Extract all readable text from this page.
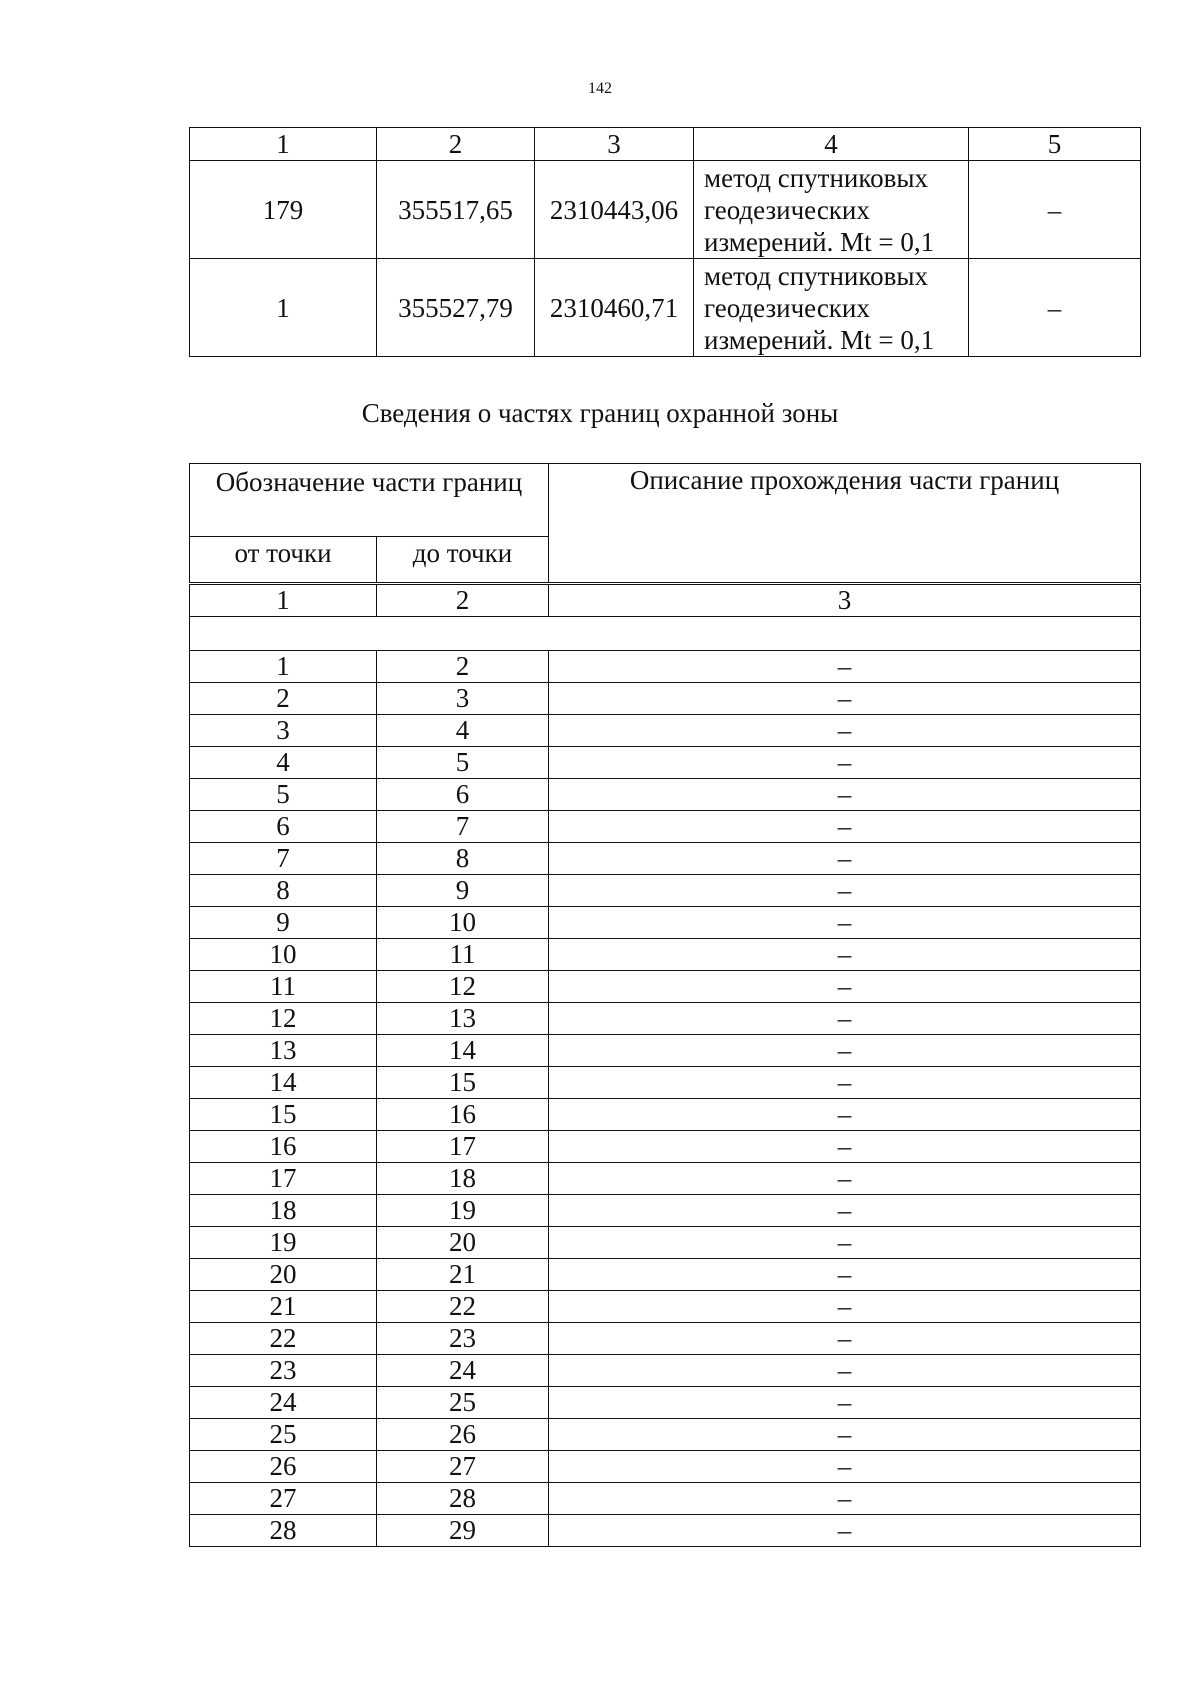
142
1	2	3	4	5
179	355517,65	2310443,06	метод спутниковых
геодезических
измерений. Mt = 0,1	–
1	355527,79	2310460,71	метод спутниковых
геодезических
измерений. Mt = 0,1	–
Сведения о частях границ охранной зоны
Обозначение части границ		Описание прохождения части границ
от точки	до точки	
1	2	3

1	2	–
2	3	–
3	4	–
4	5	–
5	6	–
6	7	–
7	8	–
8	9	–
9	10	–
10	11	–
11	12	–
12	13	–
13	14	–
14	15	–
15	16	–
16	17	–
17	18	–
18	19	–
19	20	–
20	21	–
21	22	–
22	23	–
23	24	–
24	25	–
25	26	–
26	27	–
27	28	–
28	29	–
